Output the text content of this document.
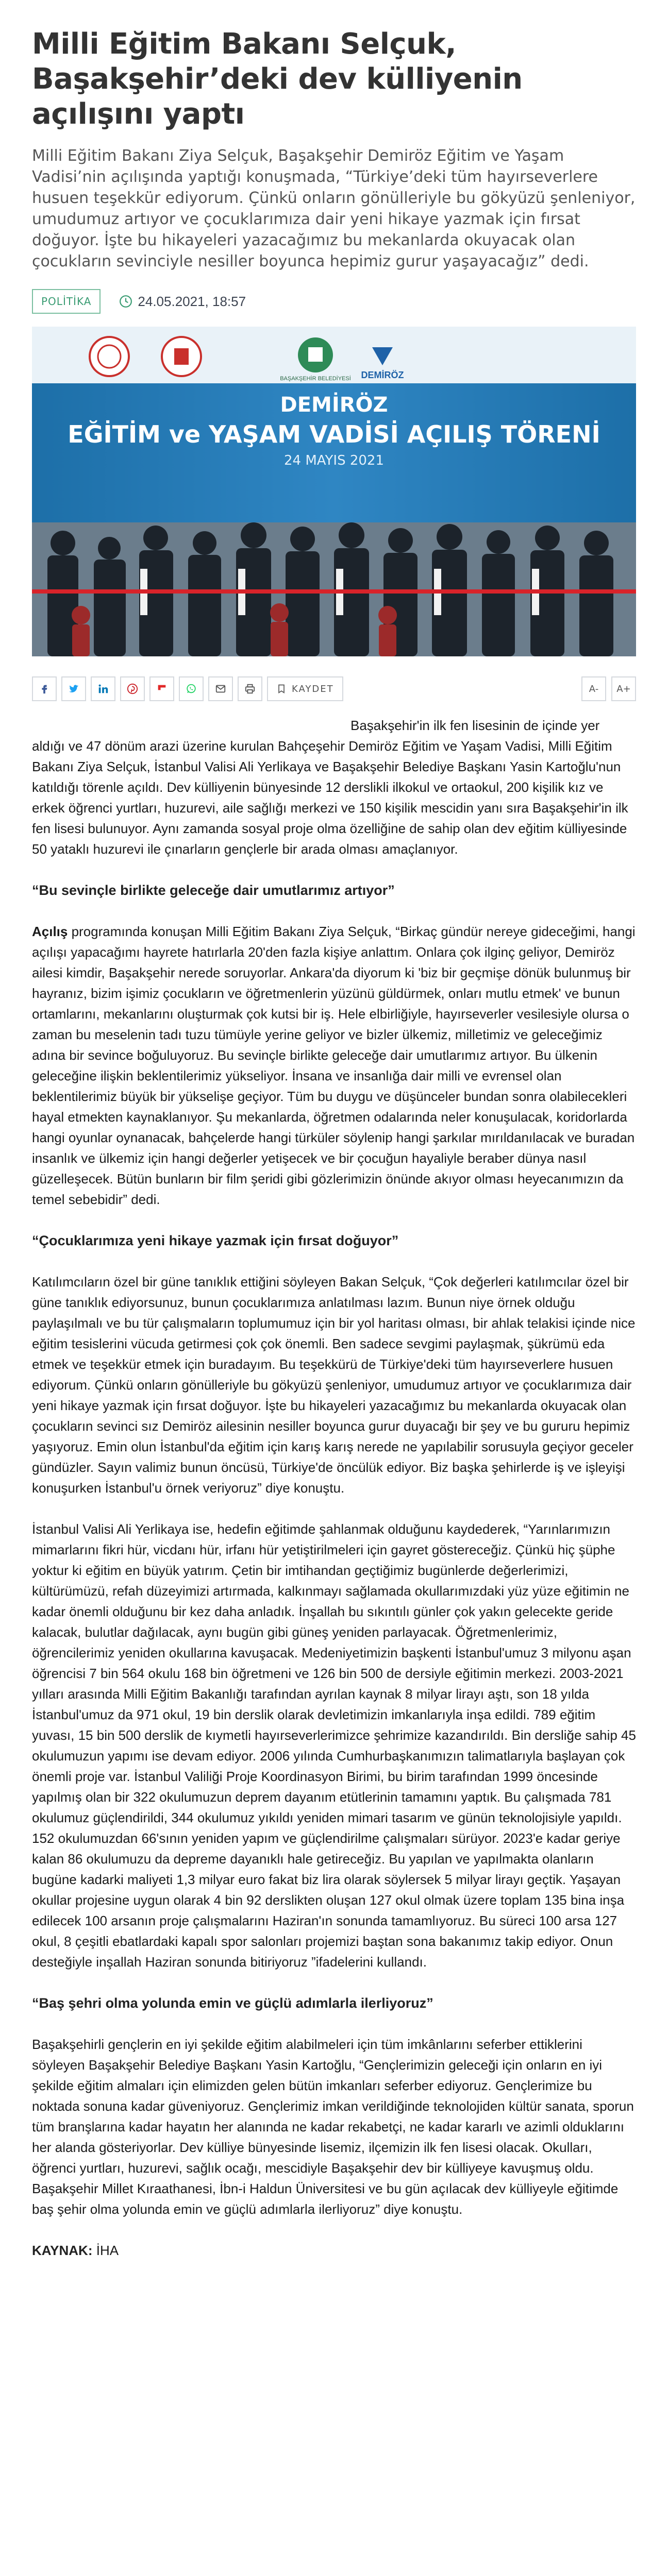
Milli Eğitim Bakanı Selçuk, Başakşehir’deki dev külliyenin açılışını yaptı

Milli Eğitim Bakanı Ziya Selçuk, Başakşehir Demiröz Eğitim ve Yaşam Vadisi’nin açılışında yaptığı konuşmada, “Türkiye’deki tüm hayırseverlere husuen teşekkür ediyorum. Çünkü onların gönülleriyle bu gökyüzü şenleniyor, umudumuz artıyor ve çocuklarımıza dair yeni hikaye yazmak için fırsat doğuyor. İşte bu hikayeleri yazacağımız bu mekanlarda okuyacak olan çocukların sevinciyle nesiller boyunca hepimiz gurur yaşayacağız” dedi.

POLİTİKA	24.05.2021, 18:57
BAŞAKŞEHİR BELEDİYESİ DEMİRÖZ
DEMİRÖZ
EĞİTİM ve YAŞAM VADİSİ AÇILIŞ TÖRENİ
24 MAYIS 2021
KAYDET	A-	A+

Başakşehir'in ilk fen lisesinin de içinde yer aldığı ve 47 dönüm arazi üzerine kurulan Bahçeşehir Demiröz Eğitim ve Yaşam Vadisi, Milli Eğitim Bakanı Ziya Selçuk, İstanbul Valisi Ali Yerlikaya ve Başakşehir Belediye Başkanı Yasin Kartoğlu'nun katıldığı törenle açıldı. Dev külliyenin bünyesinde 12 derslikli ilkokul ve ortaokul, 200 kişilik kız ve erkek öğrenci yurtları, huzurevi, aile sağlığı merkezi ve 150 kişilik mescidin yanı sıra Başakşehir'in ilk fen lisesi bulunuyor. Aynı zamanda sosyal proje olma özelliğine de sahip olan dev eğitim külliyesinde 50 yataklı huzurevi ile çınarların gençlerle bir arada olması amaçlanıyor.

“Bu sevinçle birlikte geleceğe dair umutlarımız artıyor”

Açılış programında konuşan Milli Eğitim Bakanı Ziya Selçuk, “Birkaç gündür nereye gideceğimi, hangi açılışı yapacağımı hayrete hatırlarla 20'den fazla kişiye anlattım. Onlara çok ilginç geliyor, Demiröz ailesi kimdir, Başakşehir nerede soruyorlar. Ankara'da diyorum ki 'biz bir geçmişe dönük bulunmuş bir hayranız, bizim işimiz çocukların ve öğretmenlerin yüzünü güldürmek, onları mutlu etmek' ve bunun ortamlarını, mekanlarını oluşturmak çok kutsi bir iş. Hele elbirliğiyle, hayırseverler vesilesiyle olursa o zaman bu meselenin tadı tuzu tümüyle yerine geliyor ve bizler ülkemiz, milletimiz ve geleceğimiz adına bir sevince boğuluyoruz. Bu sevinçle birlikte geleceğe dair umutlarımız artıyor. Bu ülkenin geleceğine ilişkin beklentilerimiz yükseliyor. İnsana ve insanlığa dair milli ve evrensel olan beklentilerimiz büyük bir yükselişe geçiyor. Tüm bu duygu ve düşünceler bundan sonra olabilecekleri hayal etmekten kaynaklanıyor. Şu mekanlarda, öğretmen odalarında neler konuşulacak, koridorlarda hangi oyunlar oynanacak, bahçelerde hangi türküler söylenip hangi şarkılar mırıldanılacak ve buradan insanlık ve ülkemiz için hangi değerler yetişecek ve bir çocuğun hayaliyle beraber dünya nasıl güzelleşecek. Bütün bunların bir film şeridi gibi gözlerimizin önünde akıyor olması heyecanımızın da temel sebebidir” dedi.

“Çocuklarımıza yeni hikaye yazmak için fırsat doğuyor”

Katılımcıların özel bir güne tanıklık ettiğini söyleyen Bakan Selçuk, “Çok değerleri katılımcılar özel bir güne tanıklık ediyorsunuz, bunun çocuklarımıza anlatılması lazım. Bunun niye örnek olduğu paylaşılmalı ve bu tür çalışmaların toplumumuz için bir yol haritası olması, bir ahlak telakisi içinde nice eğitim tesislerini vücuda getirmesi çok çok önemli. Ben sadece sevgimi paylaşmak, şükrümü eda etmek ve teşekkür etmek için buradayım. Bu teşekkürü de Türkiye'deki tüm hayırseverlere husuen ediyorum. Çünkü onların gönülleriyle bu gökyüzü şenleniyor, umudumuz artıyor ve çocuklarımıza dair yeni hikaye yazmak için fırsat doğuyor. İşte bu hikayeleri yazacağımız bu mekanlarda okuyacak olan çocukların sevinci sız Demiröz ailesinin nesiller boyunca gurur duyacağı bir şey ve bu gururu hepimiz yaşıyoruz. Emin olun İstanbul'da eğitim için karış karış nerede ne yapılabilir sorusuyla geçiyor geceler gündüzler. Sayın valimiz bunun öncüsü, Türkiye'de öncülük ediyor. Biz başka şehirlerde iş ve işleyişi konuşurken İstanbul'u örnek veriyoruz” diye konuştu.

İstanbul Valisi Ali Yerlikaya ise, hedefin eğitimde şahlanmak olduğunu kaydederek, “Yarınlarımızın mimarlarını fikri hür, vicdanı hür, irfanı hür yetiştirilmeleri için gayret göstereceğiz. Çünkü hiç şüphe yoktur ki eğitim en büyük yatırım. Çetin bir imtihandan geçtiğimiz bugünlerde değerlerimizi, kültürümüzü, refah düzeyimizi artırmada, kalkınmayı sağlamada okullarımızdaki yüz yüze eğitimin ne kadar önemli olduğunu bir kez daha anladık. İnşallah bu sıkıntılı günler çok yakın gelecekte geride kalacak, bulutlar dağılacak, aynı bugün gibi güneş yeniden parlayacak. Öğretmenlerimiz, öğrencilerimiz yeniden okullarına kavuşacak. Medeniyetimizin başkenti İstanbul'umuz 3 milyonu aşan öğrencisi 7 bin 564 okulu 168 bin öğretmeni ve 126 bin 500 de dersiyle eğitimin merkezi. 2003-2021 yılları arasında Milli Eğitim Bakanlığı tarafından ayrılan kaynak 8 milyar lirayı aştı, son 18 yılda İstanbul'umuz da 971 okul, 19 bin derslik olarak devletimizin imkanlarıyla inşa edildi. 789 eğitim yuvası, 15 bin 500 derslik de kıymetli hayırseverlerimizce şehrimize kazandırıldı. Bin dersliğe sahip 45 okulumuzun yapımı ise devam ediyor. 2006 yılında Cumhurbaşkanımızın talimatlarıyla başlayan çok önemli proje var. İstanbul Valiliği Proje Koordinasyon Birimi, bu birim tarafından 1999 öncesinde yapılmış olan bir 322 okulumuzun deprem dayanım etütlerinin tamamını yaptık. Bu çalışmada 781 okulumuz güçlendirildi, 344 okulumuz yıkıldı yeniden mimari tasarım ve günün teknolojisiyle yapıldı. 152 okulumuzdan 66'sının yeniden yapım ve güçlendirilme çalışmaları sürüyor. 2023'e kadar geriye kalan 86 okulumuzu da depreme dayanıklı hale getireceğiz. Bu yapılan ve yapılmakta olanların bugüne kadarki maliyeti 1,3 milyar euro fakat biz lira olarak söylersek 5 milyar lirayı geçtik. Yaşayan okullar projesine uygun olarak 4 bin 92 derslikten oluşan 127 okul olmak üzere toplam 135 bina inşa edilecek 100 arsanın proje çalışmalarını Haziran'ın sonunda tamamlıyoruz. Bu süreci 100 arsa 127 okul, 8 çeşitli ebatlardaki kapalı spor salonları projemizi baştan sona bakanımız takip ediyor. Onun desteğiyle inşallah Haziran sonunda bitiriyoruz ”ifadelerini kullandı.

“Baş şehri olma yolunda emin ve güçlü adımlarla ilerliyoruz”

Başakşehirli gençlerin en iyi şekilde eğitim alabilmeleri için tüm imkânlarını seferber ettiklerini söyleyen Başakşehir Belediye Başkanı Yasin Kartoğlu, “Gençlerimizin geleceği için onların en iyi şekilde eğitim almaları için elimizden gelen bütün imkanları seferber ediyoruz. Gençlerimize bu noktada sonuna kadar güveniyoruz. Gençlerimiz imkan verildiğinde teknolojiden kültür sanata, sporun tüm branşlarına kadar hayatın her alanında ne kadar rekabetçi, ne kadar kararlı ve azimli olduklarını her alanda gösteriyorlar. Dev külliye bünyesinde lisemiz, ilçemizin ilk fen lisesi olacak. Okulları, öğrenci yurtları, huzurevi, sağlık ocağı, mescidiyle Başakşehir dev bir külliyeye kavuşmuş oldu. Başakşehir Millet Kıraathanesi, İbn-i Haldun Üniversitesi ve bu gün açılacak dev külliyeyle eğitimde baş şehir olma yolunda emin ve güçlü adımlarla ilerliyoruz” diye konuştu.

KAYNAK: İHA
